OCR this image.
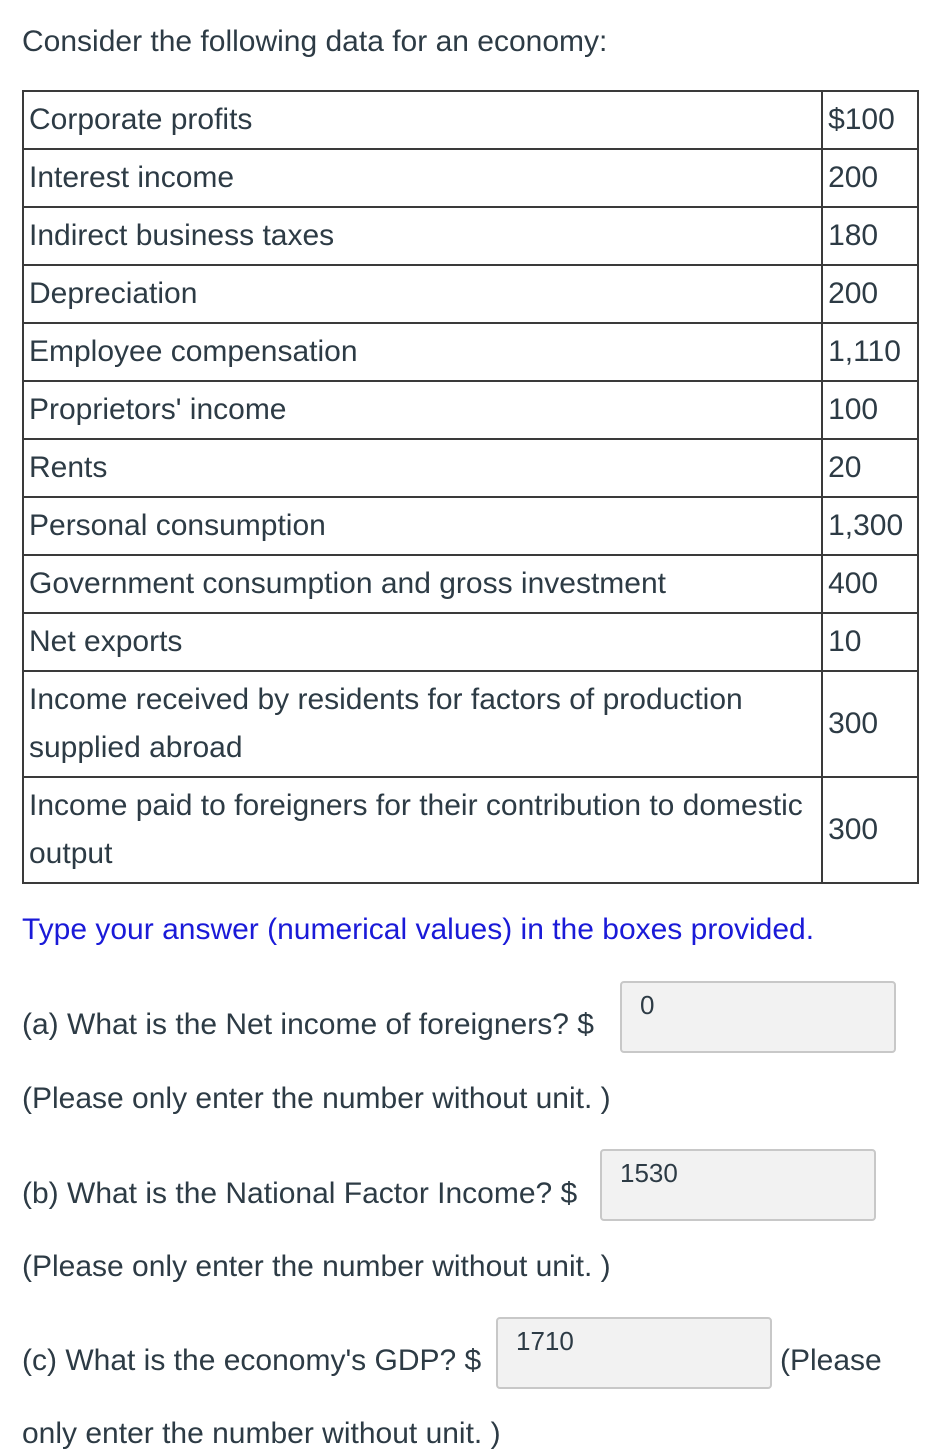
Consider the following data for an economy:
Corporate profits	$100
Interest income	200
Indirect business taxes	180
Depreciation	200
Employee compensation	1,110
Proprietors' income	100
Rents	20
Personal consumption	1,300
Government consumption and gross investment	400
Net exports	10
Income received by residents for factors of production supplied abroad	300
Income paid to foreigners for their contribution to domestic output	300
Type your answer (numerical values) in the boxes provided.
(a) What is the Net income of foreigners? $
0
(Please only enter the number without unit. )
(b) What is the National Factor Income? $
1530
(Please only enter the number without unit. )
(c) What is the economy's GDP? $
1710	(Please
only enter the number without unit. )
